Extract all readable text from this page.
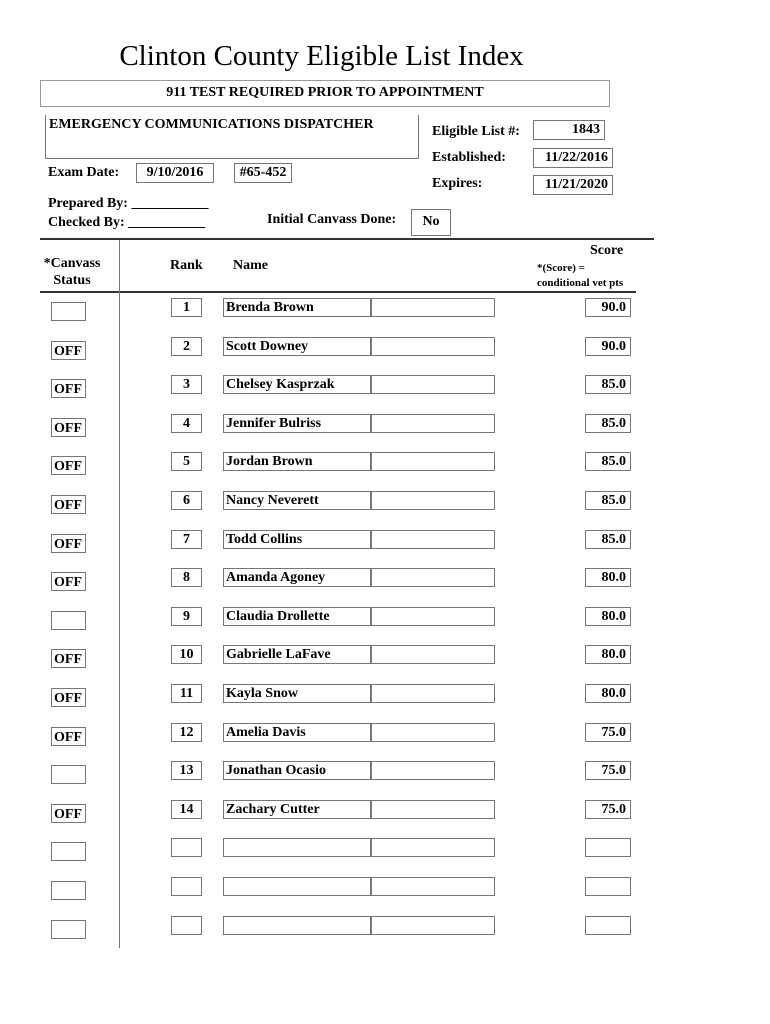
Clinton County Eligible List Index
911 TEST REQUIRED PRIOR TO APPOINTMENT
EMERGENCY COMMUNICATIONS DISPATCHER
Exam Date:	9/10/2016	#65-452
Eligible List #:	1843
Established:	11/22/2016
Expires:	11/21/2020
Prepared By: ___________
Checked By: ___________	Initial Canvass Done:	No
*Canvass
Status
Rank Name
Score
*(Score) =
conditional vet pts
1	Brenda Brown	90.0
OFF	2	Scott Downey	90.0
OFF	3	Chelsey Kasprzak	85.0
OFF	4	Jennifer Bulriss	85.0
OFF	5	Jordan Brown	85.0
OFF	6	Nancy Neverett	85.0
OFF	7	Todd Collins	85.0
OFF	8	Amanda Agoney	80.0
9	Claudia Drollette	80.0
OFF	10	Gabrielle LaFave	80.0
OFF	11	Kayla Snow	80.0
OFF	12	Amelia Davis	75.0
13	Jonathan Ocasio	75.0
OFF	14	Zachary Cutter	75.0
